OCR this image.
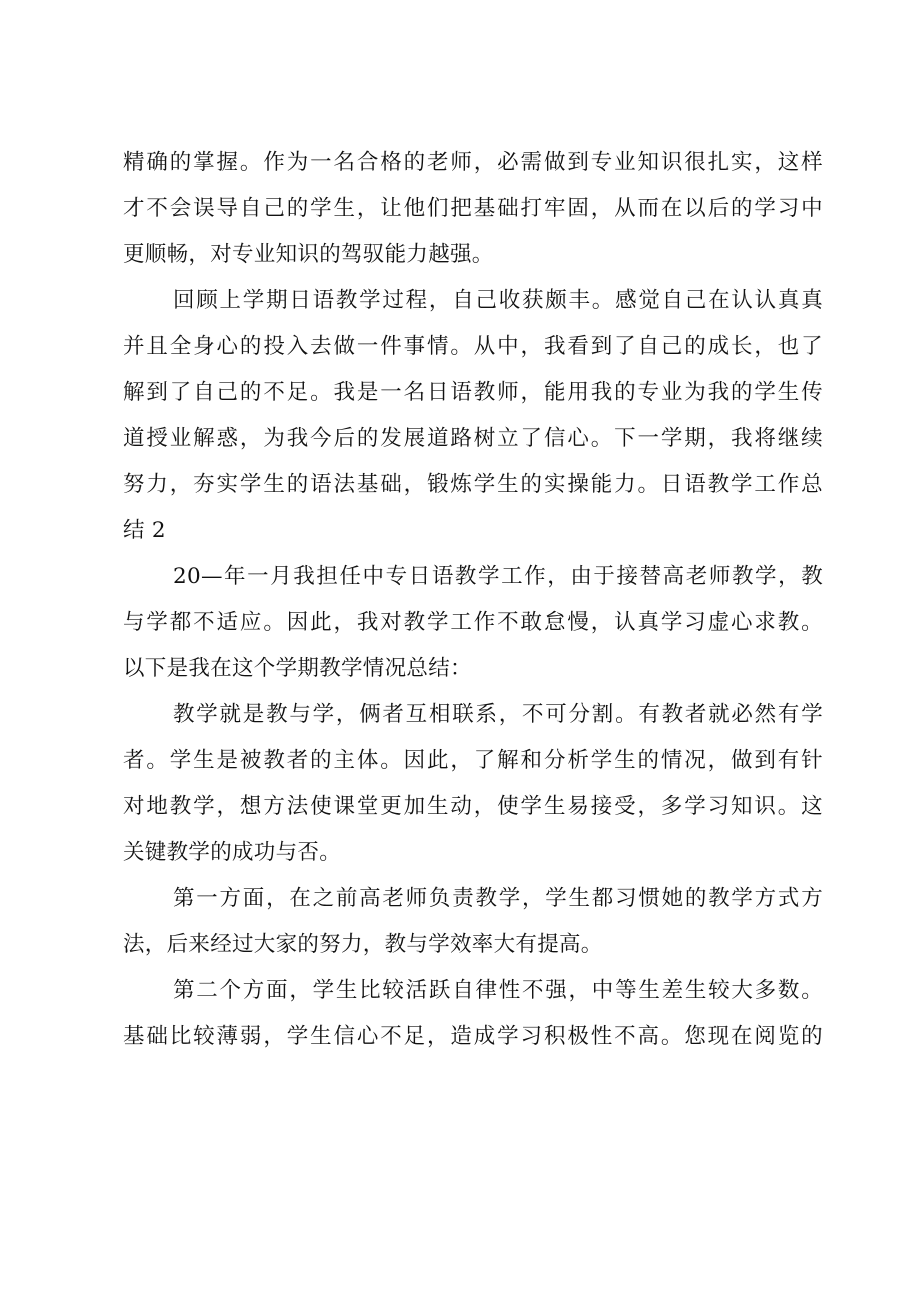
精确的掌握。作为一名合格的老师，必需做到专业知识很扎实，这样
才不会误导自己的学生，让他们把基础打牢固，从而在以后的学习中
更顺畅，对专业知识的驾驭能力越强。
回顾上学期日语教学过程，自己收获颇丰。感觉自己在认认真真
并且全身心的投入去做一件事情。从中，我看到了自己的成长，也了
解到了自己的不足。我是一名日语教师，能用我的专业为我的学生传
道授业解惑，为我今后的发展道路树立了信心。下一学期，我将继续
努力，夯实学生的语法基础，锻炼学生的实操能力。日语教学工作总
结 2
20—年一月我担任中专日语教学工作，由于接替高老师教学，教
与学都不适应。因此，我对教学工作不敢怠慢，认真学习虚心求教。
以下是我在这个学期教学情况总结：
教学就是教与学，俩者互相联系，不可分割。有教者就必然有学
者。学生是被教者的主体。因此，了解和分析学生的情况，做到有针
对地教学，想方法使课堂更加生动，使学生易接受，多学习知识。这
关键教学的成功与否。
第一方面，在之前高老师负责教学，学生都习惯她的教学方式方
法，后来经过大家的努力，教与学效率大有提高。
第二个方面，学生比较活跃自律性不强，中等生差生较大多数。
基础比较薄弱，学生信心不足，造成学习积极性不高。您现在阅览的
